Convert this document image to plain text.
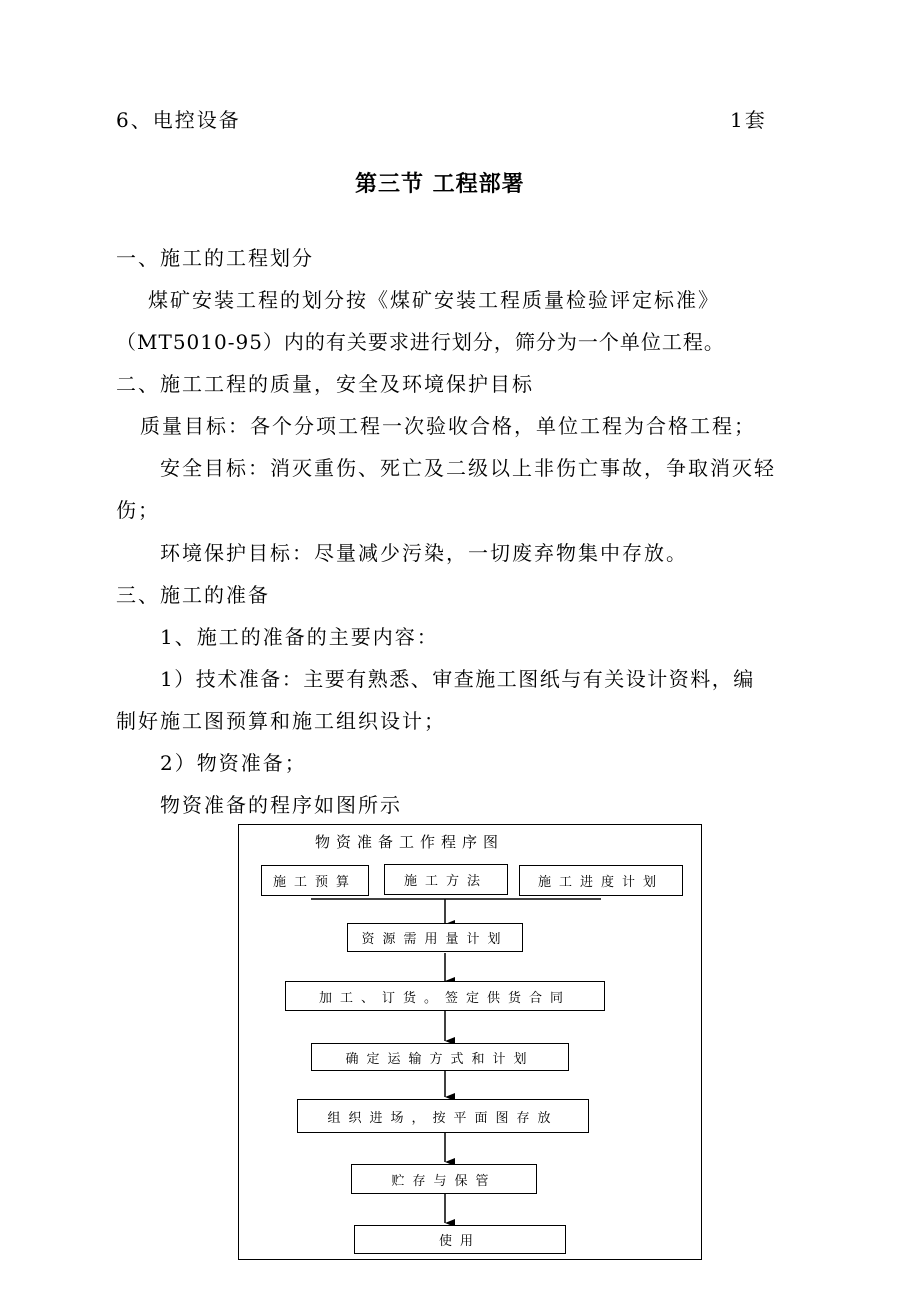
6、电控设备	1套
第三节 工程部署
一、施工的工程划分
煤矿安装工程的划分按《煤矿安装工程质量检验评定标准》
（MT5010-95）内的有关要求进行划分，筛分为一个单位工程。
二、施工工程的质量，安全及环境保护目标
质量目标：各个分项工程一次验收合格，单位工程为合格工程；
安全目标：消灭重伤、死亡及二级以上非伤亡事故，争取消灭轻
伤；
环境保护目标：尽量减少污染，一切废弃物集中存放。
三、施工的准备
1、施工的准备的主要内容：
1）技术准备：主要有熟悉、审查施工图纸与有关设计资料，编
制好施工图预算和施工组织设计；
2）物资准备；
物资准备的程序如图所示
物资准备工作程序图
施工预算	施工方法	施工进度计划
资源需用量计划
加工、订货。签定供货合同
确定运输方式和计划
组织进场，按平面图存放
贮存与保管
使用
